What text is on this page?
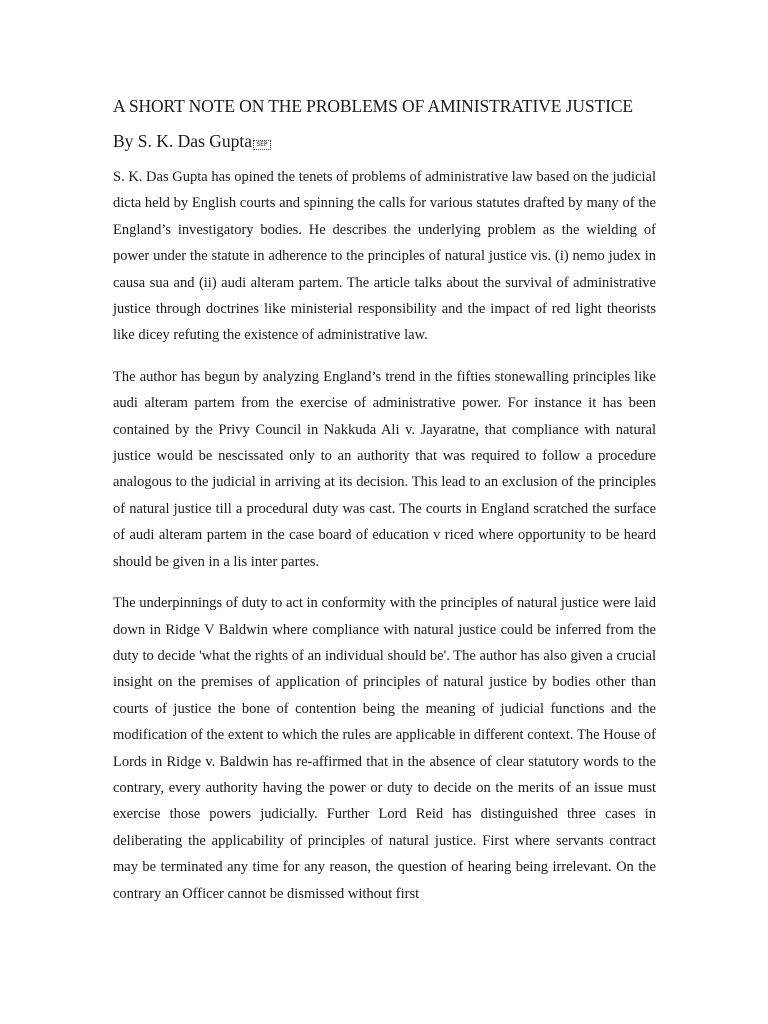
A SHORT NOTE ON THE PROBLEMS OF AMINISTRATIVE JUSTICE
By S. K. Das Gupta SEP

S. K. Das Gupta has opined the tenets of problems of administrative law based on the judicial dicta held by English courts and spinning the calls for various statutes drafted by many of the England’s investigatory bodies. He describes the underlying problem as the wielding of power under the statute in adherence to the principles of natural justice vis. (i) nemo judex in causa sua and (ii) audi alteram partem. The article talks about the survival of administrative justice through doctrines like ministerial responsibility and the impact of red light theorists like dicey refuting the existence of administrative law.

The author has begun by analyzing England’s trend in the fifties stonewalling principles like audi alteram partem from the exercise of administrative power. For instance it has been contained by the Privy Council in Nakkuda Ali v. Jayaratne, that compliance with natural justice would be nescissated only to an authority that was required to follow a procedure analogous to the judicial in arriving at its decision. This lead to an exclusion of the principles of natural justice till a procedural duty was cast. The courts in England scratched the surface of audi alteram partem in the case board of education v riced where opportunity to be heard should be given in a lis inter partes.

The underpinnings of duty to act in conformity with the principles of natural justice were laid down in Ridge V Baldwin where compliance with natural justice could be inferred from the duty to decide 'what the rights of an individual should be'. The author has also given a crucial insight on the premises of application of principles of natural justice by bodies other than courts of justice the bone of contention being the meaning of judicial functions and the modification of the extent to which the rules are applicable in different context. The House of Lords in Ridge v. Baldwin has re-affirmed that in the absence of clear statutory words to the contrary, every authority having the power or duty to decide on the merits of an issue must exercise those powers judicially. Further Lord Reid has distinguished three cases in deliberating the applicability of principles of natural justice. First where servants contract may be terminated any time for any reason, the question of hearing being irrelevant. On the contrary an Officer cannot be dismissed without first
